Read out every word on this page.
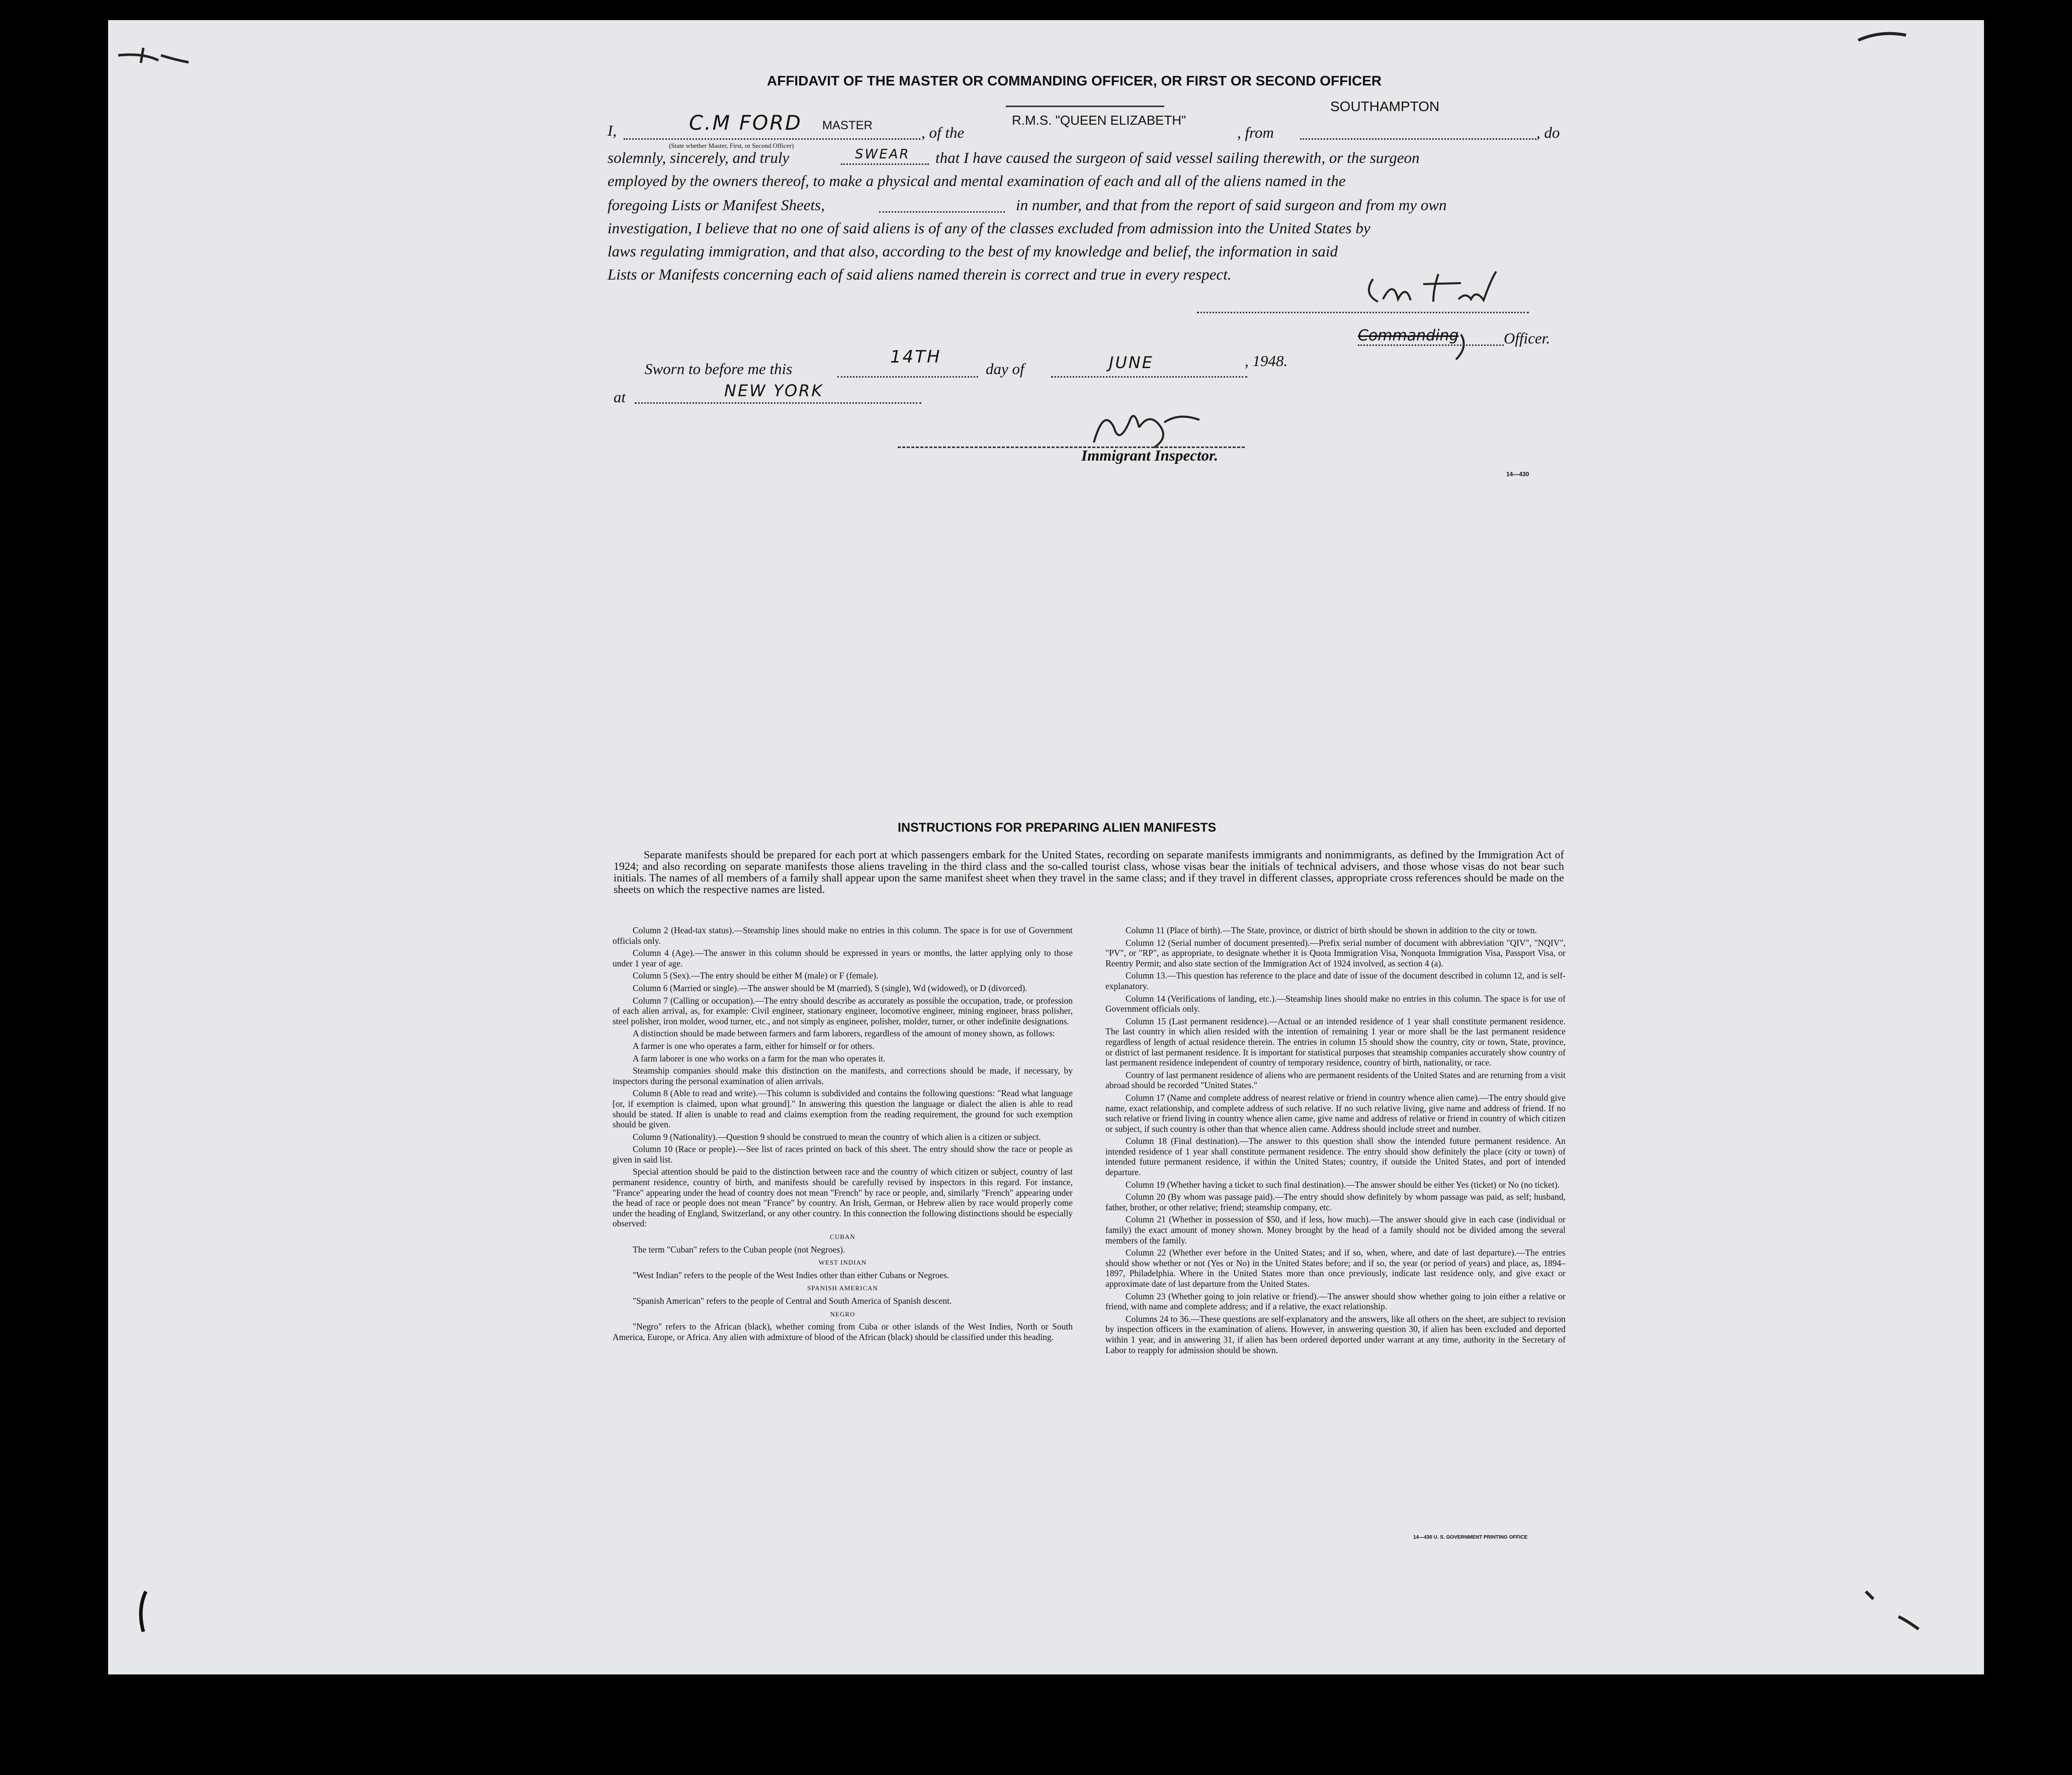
AFFIDAVIT OF THE MASTER OR COMMANDING OFFICER, OR FIRST OR SECOND OFFICER
I,	C.M FORD MASTER
(State whether Master, First, or Second Officer)
, of the
R.M.S. "QUEEN ELIZABETH"
, from
SOUTHAMPTON
, do
solemnly, sincerely, and truly	SWEAR that I have caused the surgeon of said vessel sailing therewith, or the surgeon
employed by the owners thereof, to make a physical and mental examination of each and all of the aliens named in the
foregoing Lists or Manifest Sheets,	in number, and that from the report of said surgeon and from my own
investigation, I believe that no one of said aliens is of any of the classes excluded from admission into the United States by
laws regulating immigration, and that also, according to the best of my knowledge and belief, the information in said
Lists or Manifests concerning each of said aliens named therein is correct and true in every respect.
Commanding	Officer.
Sworn to before me this
14TH
day of	JUNE	, 1948.
at	NEW YORK
Immigrant Inspector.
14—430
INSTRUCTIONS FOR PREPARING ALIEN MANIFESTS
Separate manifests should be prepared for each port at which passengers embark for the United States, recording on separate manifests immigrants and nonimmigrants, as defined by the Immigration Act of 1924; and also recording on separate manifests those aliens traveling in the third class and the so-called tourist class, whose visas bear the initials of technical advisers, and those whose visas do not bear such initials. The names of all members of a family shall appear upon the same manifest sheet when they travel in the same class; and if they travel in different classes, appropriate cross references should be made on the sheets on which the respective names are listed.

Column 2 (Head-tax status).—Steamship lines should make no entries in this column. The space is for use of Government officials only.

Column 4 (Age).—The answer in this column should be expressed in years or months, the latter applying only to those under 1 year of age.

Column 5 (Sex).—The entry should be either M (male) or F (female).

Column 6 (Married or single).—The answer should be M (married), S (single), Wd (widowed), or D (divorced).

Column 7 (Calling or occupation).—The entry should describe as accurately as possible the occupation, trade, or profession of each alien arrival, as, for example: Civil engineer, stationary engineer, locomotive engineer, mining engineer, brass polisher, steel polisher, iron molder, wood turner, etc., and not simply as engineer, polisher, molder, turner, or other indefinite designations.

A distinction should be made between farmers and farm laborers, regardless of the amount of money shown, as follows:

A farmer is one who operates a farm, either for himself or for others.

A farm laborer is one who works on a farm for the man who operates it.

Steamship companies should make this distinction on the manifests, and corrections should be made, if necessary, by inspectors during the personal examination of alien arrivals.

Column 8 (Able to read and write).—This column is subdivided and contains the following questions: "Read what language [or, if exemption is claimed, upon what ground]." In answering this question the language or dialect the alien is able to read should be stated. If alien is unable to read and claims exemption from the reading requirement, the ground for such exemption should be given.

Column 9 (Nationality).—Question 9 should be construed to mean the country of which alien is a citizen or subject.

Column 10 (Race or people).—See list of races printed on back of this sheet. The entry should show the race or people as given in said list.

Special attention should be paid to the distinction between race and the country of which citizen or subject, country of last permanent residence, country of birth, and manifests should be carefully revised by inspectors in this regard. For instance, "France" appearing under the head of country does not mean "French" by race or people, and, similarly "French" appearing under the head of race or people does not mean "France" by country. An Irish, German, or Hebrew alien by race would properly come under the heading of England, Switzerland, or any other country. In this connection the following distinctions should be especially observed:

CUBAN

The term "Cuban" refers to the Cuban people (not Negroes).

WEST INDIAN

"West Indian" refers to the people of the West Indies other than either Cubans or Negroes.

SPANISH AMERICAN

"Spanish American" refers to the people of Central and South America of Spanish descent.

NEGRO

"Negro" refers to the African (black), whether coming from Cuba or other islands of the West Indies, North or South America, Europe, or Africa. Any alien with admixture of blood of the African (black) should be classified under this heading.

Column 11 (Place of birth).—The State, province, or district of birth should be shown in addition to the city or town.

Column 12 (Serial number of document presented).—Prefix serial number of document with abbreviation "QIV", "NQIV", "PV", or "RP", as appropriate, to designate whether it is Quota Immigration Visa, Nonquota Immigration Visa, Passport Visa, or Reentry Permit; and also state section of the Immigration Act of 1924 involved, as section 4 (a).

Column 13.—This question has reference to the place and date of issue of the document described in column 12, and is self-explanatory.

Column 14 (Verifications of landing, etc.).—Steamship lines should make no entries in this column. The space is for use of Government officials only.

Column 15 (Last permanent residence).—Actual or an intended residence of 1 year shall constitute permanent residence. The last country in which alien resided with the intention of remaining 1 year or more shall be the last permanent residence regardless of length of actual residence therein. The entries in column 15 should show the country, city or town, State, province, or district of last permanent residence. It is important for statistical purposes that steamship companies accurately show country of last permanent residence independent of country of temporary residence, country of birth, nationality, or race.

Country of last permanent residence of aliens who are permanent residents of the United States and are returning from a visit abroad should be recorded "United States."

Column 17 (Name and complete address of nearest relative or friend in country whence alien came).—The entry should give name, exact relationship, and complete address of such relative. If no such relative living, give name and address of friend. If no such relative or friend living in country whence alien came, give name and address of relative or friend in country of which citizen or subject, if such country is other than that whence alien came. Address should include street and number.

Column 18 (Final destination).—The answer to this question shall show the intended future permanent residence. An intended residence of 1 year shall constitute permanent residence. The entry should show definitely the place (city or town) of intended future permanent residence, if within the United States; country, if outside the United States, and port of intended departure.

Column 19 (Whether having a ticket to such final destination).—The answer should be either Yes (ticket) or No (no ticket).

Column 20 (By whom was passage paid).—The entry should show definitely by whom passage was paid, as self; husband, father, brother, or other relative; friend; steamship company, etc.

Column 21 (Whether in possession of $50, and if less, how much).—The answer should give in each case (individual or family) the exact amount of money shown. Money brought by the head of a family should not be divided among the several members of the family.

Column 22 (Whether ever before in the United States; and if so, when, where, and date of last departure).—The entries should show whether or not (Yes or No) in the United States before; and if so, the year (or period of years) and place, as, 1894–1897, Philadelphia. Where in the United States more than once previously, indicate last residence only, and give exact or approximate date of last departure from the United States.

Column 23 (Whether going to join relative or friend).—The answer should show whether going to join either a relative or friend, with name and complete address; and if a relative, the exact relationship.

Columns 24 to 36.—These questions are self-explanatory and the answers, like all others on the sheet, are subject to revision by inspection officers in the examination of aliens. However, in answering question 30, if alien has been excluded and deported within 1 year, and in answering 31, if alien has been ordered deported under warrant at any time, authority in the Secretary of Labor to reapply for admission should be shown.

14—430 U. S. GOVERNMENT PRINTING OFFICE
